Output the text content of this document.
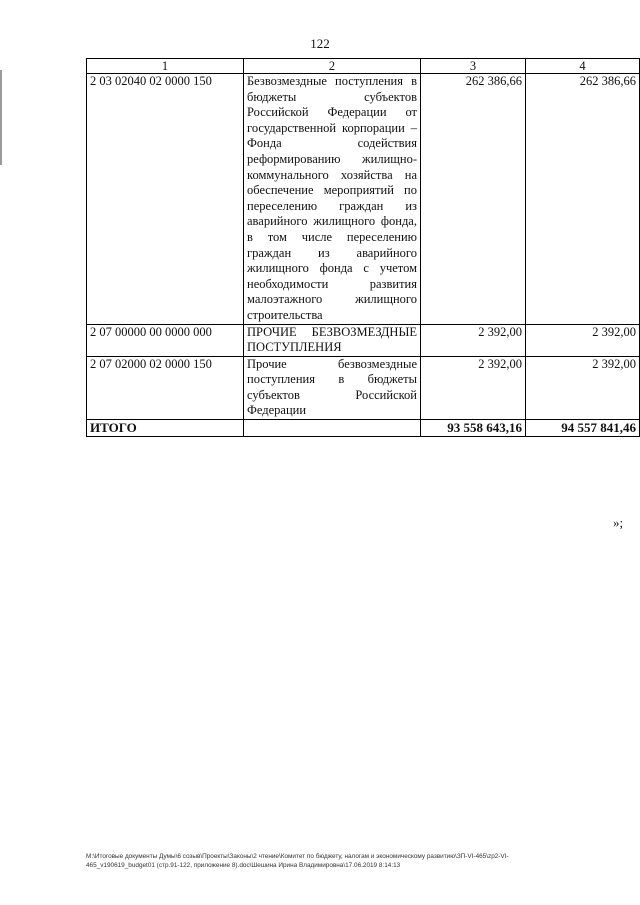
122
1	2	3	4
2 03 02040 02 0000 150	Безвозмездные поступления в бюджеты субъектов Российской Федерации от государственной корпорации – Фонда содействия реформированию жилищно-коммунального хозяйства на обеспечение мероприятий по переселению граждан из аварийного жилищного фонда, в том числе переселению граждан из аварийного жилищного фонда с учетом необходимости развития малоэтажного жилищного строительства	262 386,66	262 386,66
2 07 00000 00 0000 000	ПРОЧИЕ БЕЗВОЗМЕЗДНЫЕ ПОСТУПЛЕНИЯ	2 392,00	2 392,00
2 07 02000 02 0000 150	Прочие безвозмездные поступления в бюджеты субъектов Российской Федерации	2 392,00	2 392,00
ИТОГО		93 558 643,16	94 557 841,46
»;
M:\Итоговые документы Думы\6 созыв\Проекты\Законы\2 чтение\Комитет по бюджету, налогам и экономическому развитию\ЗП-VI-465\zp2-VI-
465_v190619_budget01 (стр.91-122, приложение 8).doc\Шешина Ирина Владимировна\17.06.2019 8:14:13
